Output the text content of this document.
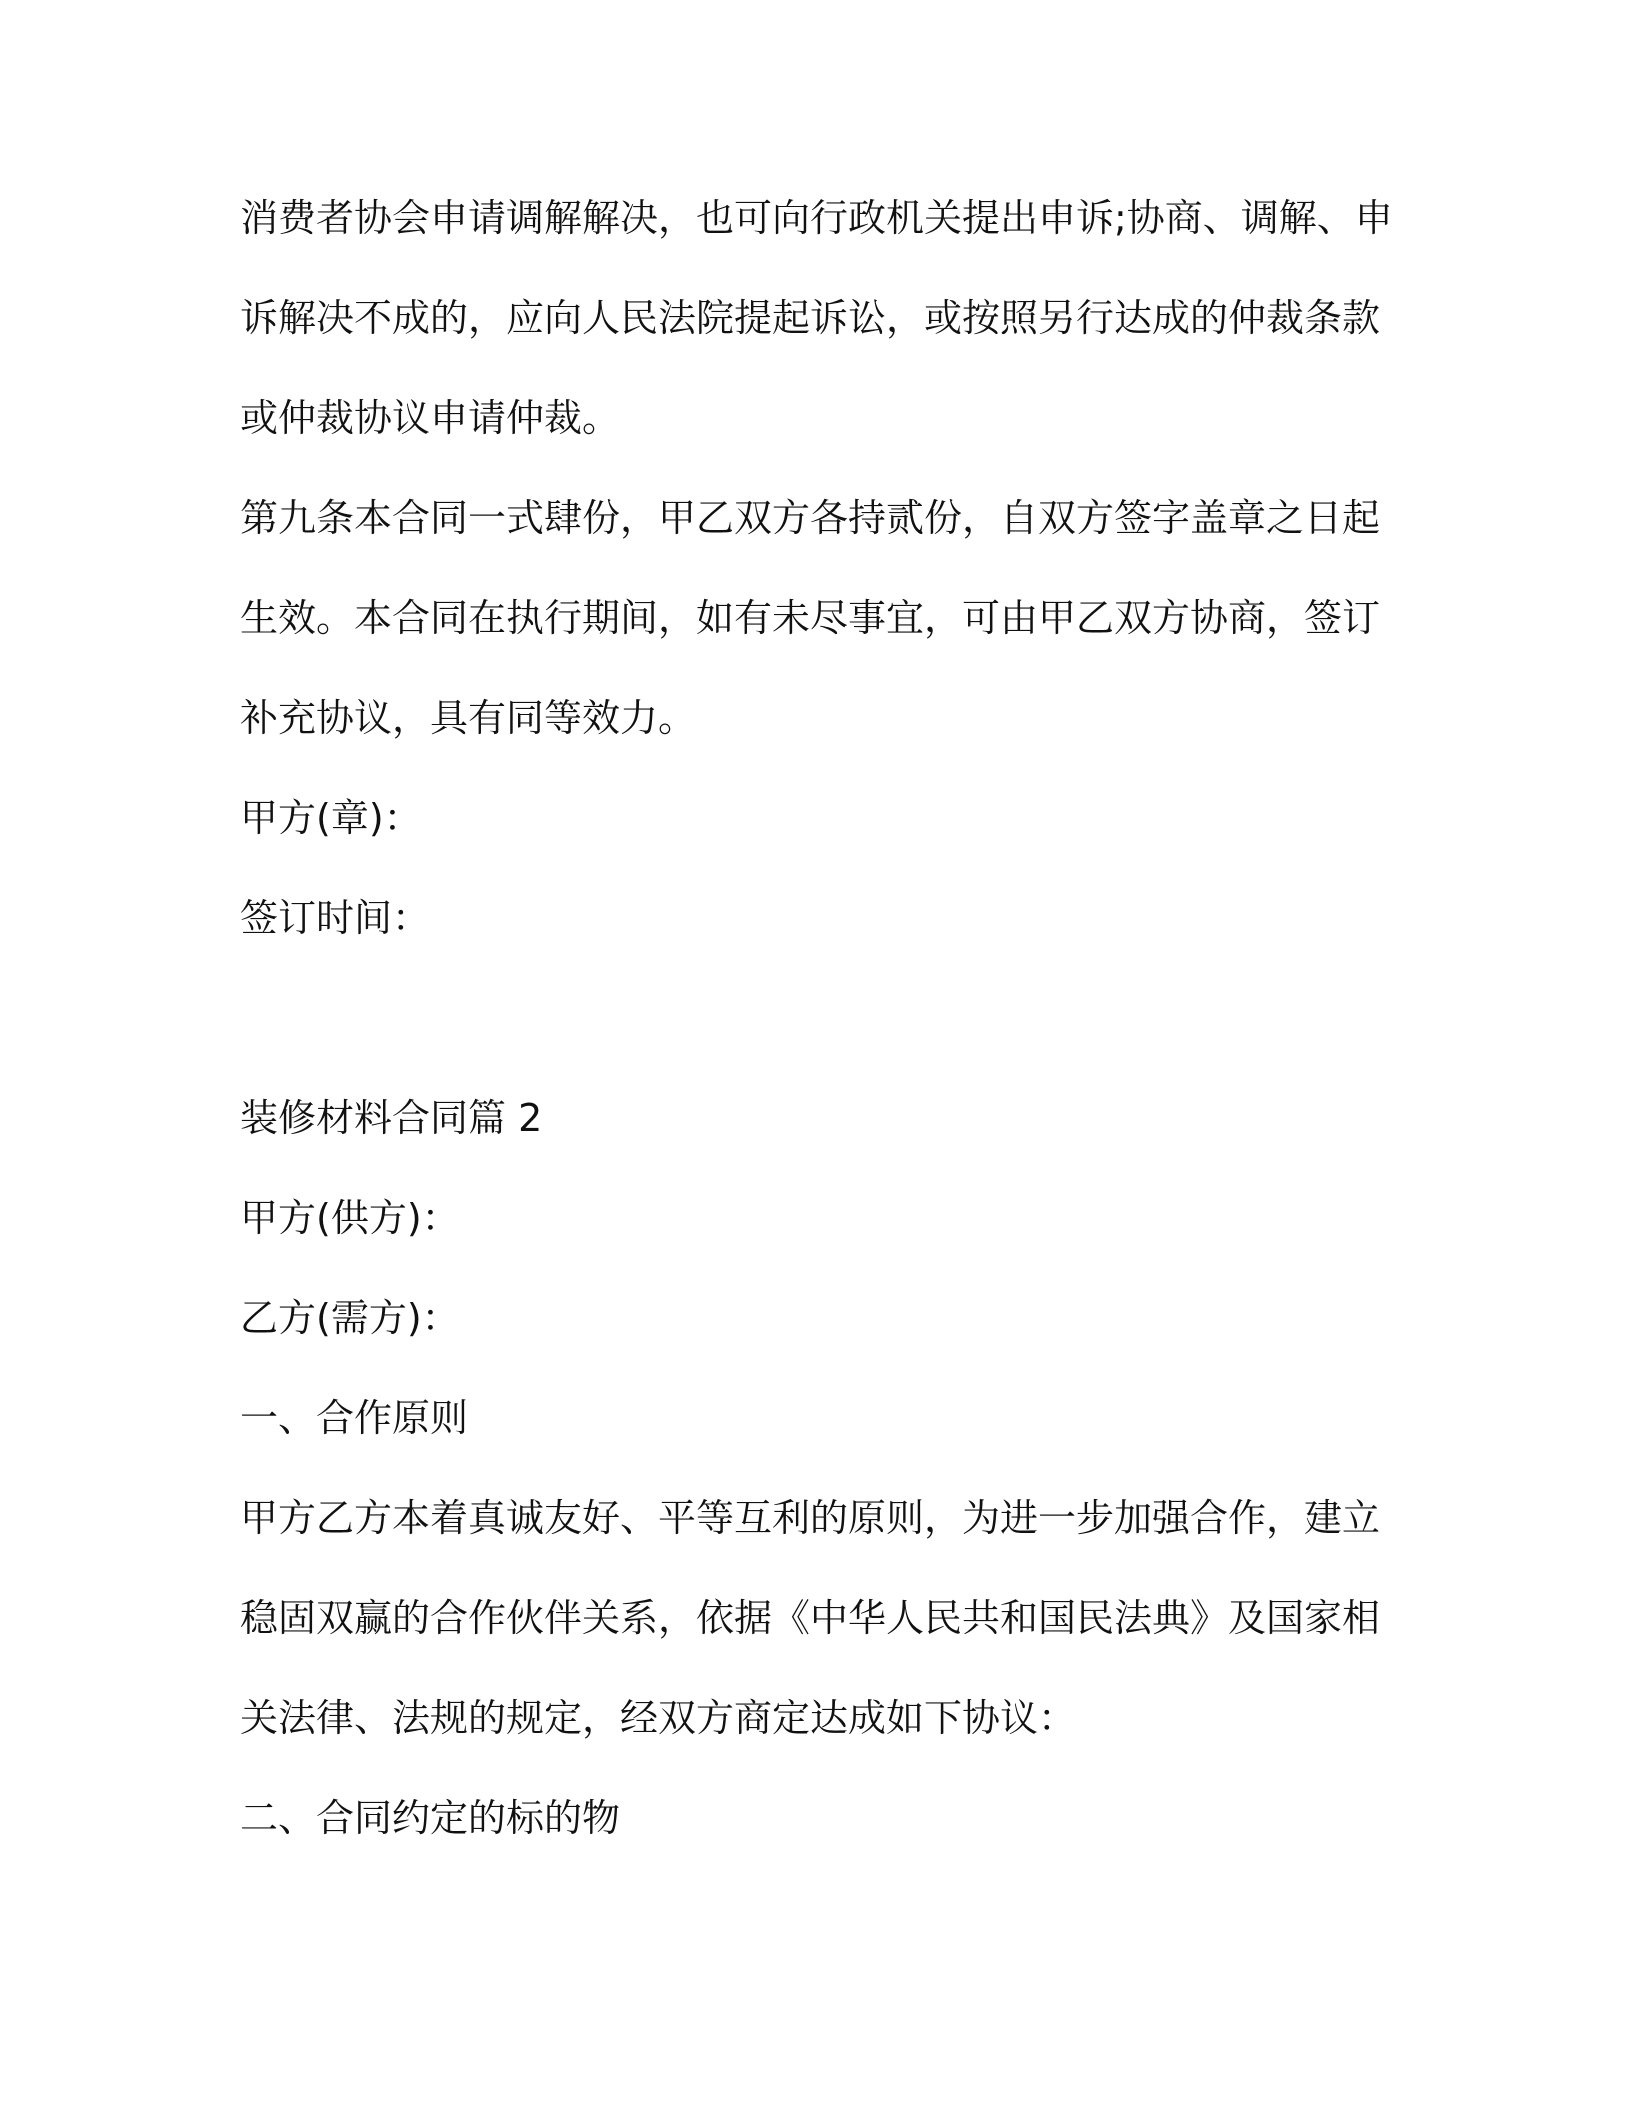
消费者协会申请调解解决，也可向行政机关提出申诉;协商、调解、申
诉解决不成的，应向人民法院提起诉讼，或按照另行达成的仲裁条款
或仲裁协议申请仲裁。
第九条本合同一式肆份，甲乙双方各持贰份，自双方签字盖章之日起
生效。本合同在执行期间，如有未尽事宜，可由甲乙双方协商，签订
补充协议，具有同等效力。
甲方(章)：
签订时间：
装修材料合同篇 2
甲方(供方)：
乙方(需方)：
一、合作原则
甲方乙方本着真诚友好、平等互利的原则，为进一步加强合作，建立
稳固双赢的合作伙伴关系，依据《中华人民共和国民法典》及国家相
关法律、法规的规定，经双方商定达成如下协议：
二、合同约定的标的物
